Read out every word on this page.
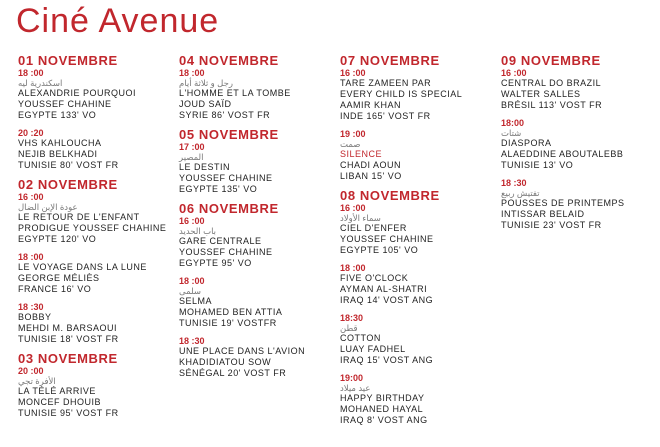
Ciné Avenue
01 NOVEMBRE
18 :00
اسكندرية ليه
ALEXANDRIE POURQUOI
YOUSSEF CHAHINE
EGYPTE 133' VO
20 :20
VHS KAHLOUCHA
NEJIB BELKHADI
TUNISIE 80' VOST FR
02 NOVEMBRE
16 :00
عودة الإبن الضال
LE RETOUR DE L'ENFANT
PRODIGUE YOUSSEF CHAHINE
EGYPTE 120' VO
18 :00
LE VOYAGE DANS LA LUNE
GEORGE MÉLIÈS
FRANCE 16' VO
18 :30
BOBBY
MEHDI M. BARSAOUI
TUNISIE 18' VOST FR
03 NOVEMBRE
20 :00
الأفرة تجي
LA TÉLÉ ARRIVE
MONCEF DHOUIB
TUNISIE 95' VOST FR
04 NOVEMBRE
18 :00
رجل و ثلاثة أيام
L'HOMME ET LA TOMBE
JOUD SAÏD
SYRIE 86' VOST FR
05 NOVEMBRE
17 :00
المصير
LE DESTIN
YOUSSEF CHAHINE
EGYPTE 135' VO
06 NOVEMBRE
16 :00
باب الحديد
GARE CENTRALE
YOUSSEF CHAHINE
EGYPTE 95' VO
18 :00
سلمى
SELMA
MOHAMED BEN ATTIA
TUNISIE 19' VOSTFR
18 :30
UNE PLACE DANS L'AVION
KHADIDIATOU SOW
SÉNÉGAL 20' VOST FR
07 NOVEMBRE
16 :00
TARE ZAMEEN PAR
EVERY CHILD IS SPECIAL
AAMIR KHAN
INDE 165' VOST FR
19 :00
صمت
SILENCE
CHADI AOUN
LIBAN 15' VO
08 NOVEMBRE
16 :00
سماء الأولاد
CIEL D'ENFER
YOUSSEF CHAHINE
EGYPTE 105' VO
18 :00
FIVE O'CLOCK
AYMAN AL-SHATRI
IRAQ 14' VOST ANG
18:30
قطن
COTTON
LUAY FADHEL
IRAQ 15' VOST ANG
19:00
عيد ميلاد
HAPPY BIRTHDAY
MOHANED HAYAL
IRAQ 8' VOST ANG
09 NOVEMBRE
16 :00
CENTRAL DO BRAZIL
WALTER SALLES
BRÉSIL 113' VOST FR
18:00
شتات
DIASPORA
ALAEDDINE ABOUTALEBB
TUNISIE 13' VO
18 :30
تفتيش ربيع
POUSSES DE PRINTEMPS
INTISSAR BELAID
TUNISIE 23' VOST FR
